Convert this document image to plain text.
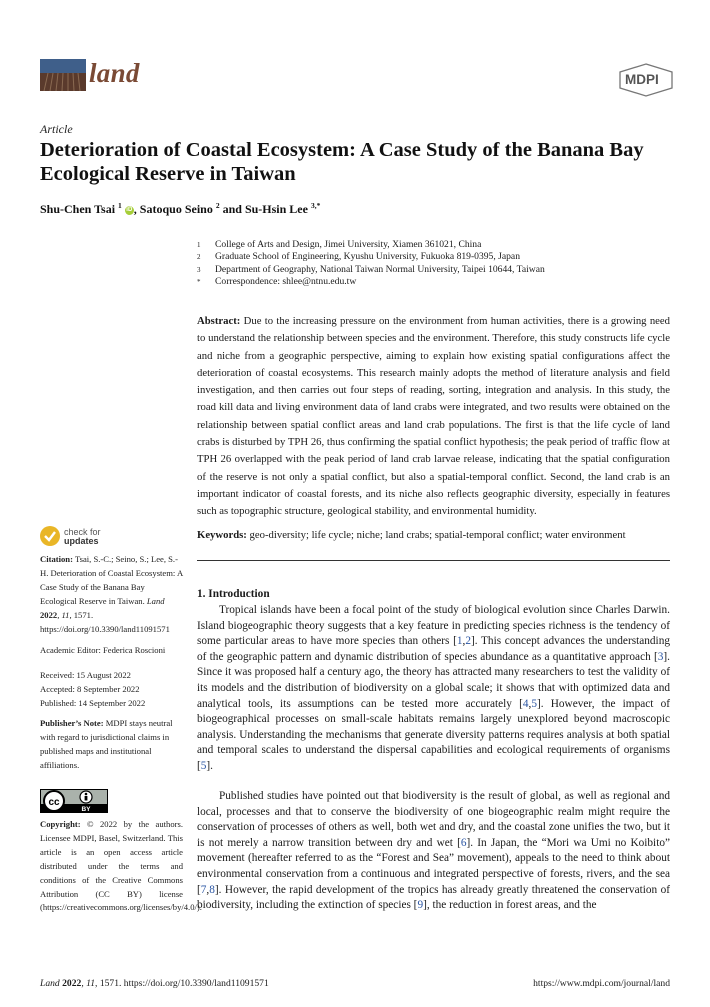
land	MDPI
Article
Deterioration of Coastal Ecosystem: A Case Study of the Banana Bay Ecological Reserve in Taiwan
Shu-Chen Tsai $^1$ iD , Satoquo Seino $^2$ and Su-Hsin Lee $^{3,*}$
1	College of Arts and Design, Jimei University, Xiamen 361021, China
2	Graduate School of Engineering, Kyushu University, Fukuoka 819-0395, Japan
3	Department of Geography, National Taiwan Normal University, Taipei 10644, Taiwan
*	Correspondence: shlee@ntnu.edu.tw
Abstract: Due to the increasing pressure on the environment from human activities, there is a growing need to understand the relationship between species and the environment. Therefore, this study constructs life cycle and niche from a geographic perspective, aiming to explain how existing spatial configurations affect the deterioration of coastal ecosystems. This research mainly adopts the method of literature analysis and field investigation, and then carries out four steps of reading, sorting, integration and analysis. In this study, the road kill data and living environment data of land crabs were integrated, and two results were obtained on the relationship between spatial conflict areas and land crab populations. The first is that the life cycle of land crabs is disturbed by TPH 26, thus confirming the spatial conflict hypothesis; the peak period of traffic flow at TPH 26 overlapped with the peak period of land crab larvae release, indicating that the spatial configuration of the reserve is not only a spatial conflict, but also a spatial-temporal conflict. Second, the land crab is an important indicator of coastal forests, and its niche also reflects geographic diversity, especially in features such as topographic structure, geological stability, and environmental humidity.
Keywords: geo-diversity; life cycle; niche; land crabs; spatial-temporal conflict; water environment
check for
updates
Citation: Tsai, S.-C.; Seino, S.; Lee, S.-H. Deterioration of Coastal Ecosystem: A Case Study of the Banana Bay Ecological Reserve in Taiwan. Land 2022, 11, 1571. https://doi.org/10.3390/land11091571
Academic Editor: Federica Roscioni
Received: 15 August 2022
Accepted: 8 September 2022
Published: 14 September 2022
Publisher’s Note: MDPI stays neutral with regard to jurisdictional claims in published maps and institutional affiliations.
cc
BY
Copyright: © 2022 by the authors. Licensee MDPI, Basel, Switzerland. This article is an open access article distributed under the terms and conditions of the Creative Commons Attribution (CC BY) license (https://creativecommons.org/licenses/by/4.0/).
1. Introduction
Tropical islands have been a focal point of the study of biological evolution since Charles Darwin. Island biogeographic theory suggests that a key feature in predicting species richness is the tendency of some particular areas to have more species than others [1,2]. This concept advances the understanding of the geographic pattern and dynamic distribution of species abundance as a quantitative approach [3]. Since it was proposed half a century ago, the theory has attracted many researchers to test the validity of its models and the distribution of biodiversity on a global scale; it shows that with optimized data and analytical tools, its assumptions can be tested more accurately [4,5]. However, the impact of biogeographical processes on small-scale habitats remains largely unexplored beyond macroscopic analysis. Understanding the mechanisms that generate diversity patterns requires analysis at both spatial and temporal scales to understand the dispersal capabilities and ecological requirements of organisms [5].
Published studies have pointed out that biodiversity is the result of global, as well as regional and local, processes and that to conserve the biodiversity of one biogeographic realm might require the conservation of processes of others as well, both wet and dry, and the coastal zone unifies the two, but it is not merely a narrow transition between dry and wet [6]. In Japan, the “Mori wa Umi no Koibito” movement (hereafter referred to as the “Forest and Sea” movement), appeals to the need to think about environmental conservation from a continuous and integrated perspective of forests, rivers, and the sea [7,8]. However, the rapid development of the tropics has already greatly threatened the conservation of biodiversity, including the extinction of species [9], the reduction in forest areas, and the
Land 2022, 11, 1571. https://doi.org/10.3390/land11091571	https://www.mdpi.com/journal/land
